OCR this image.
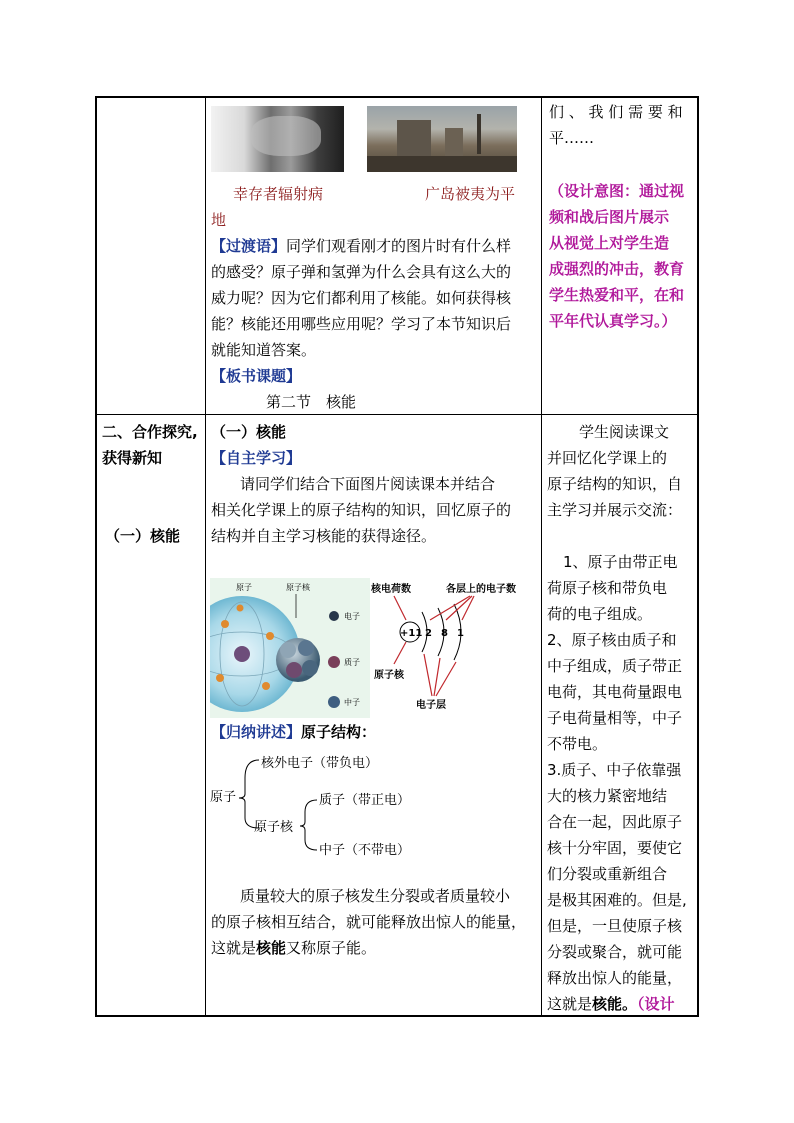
幸存者辐射病	广岛被夷为平
地
【过渡语】同学们观看刚才的图片时有什么样
的感受？原子弹和氢弹为什么会具有这么大的
威力呢？因为它们都利用了核能。如何获得核
能？核能还用哪些应用呢？学习了本节知识后
就能知道答案。
【板书课题】
第二节　核能
们 、 我 们 需 要 和
平……
（设计意图：通过视
频和战后图片展示
从视觉上对学生造
成强烈的冲击，教育
学生热爱和平，在和
平年代认真学习。）
二、合作探究,
获得新知
（一）核能
（一）核能
【自主学习】
请同学们结合下面图片阅读课本并结合
相关化学课上的原子结构的知识，回忆原子的
结构并自主学习核能的获得途径。
原子	原子核
电子
质子
中子
核电荷数	各层上的电子数
+11 2 8 1
原子核
电子层
【归纳讲述】原子结构：
原子
核外电子（带负电）
原子核
质子（带正电）
中子（不带电）
质量较大的原子核发生分裂或者质量较小
的原子核相互结合，就可能释放出惊人的能量，
这就是核能又称原子能。
学生阅读课文
并回忆化学课上的
原子结构的知识，自
主学习并展示交流：
1、原子由带正电
荷原子核和带负电
荷的电子组成。
2、原子核由质子和
中子组成，质子带正
电荷，其电荷量跟电
子电荷量相等，中子
不带电。
3.质子、中子依靠强
大的核力紧密地结
合在一起，因此原子
核十分牢固，要使它
们分裂或重新组合
是极其困难的。但是,
但是，一旦使原子核
分裂或聚合，就可能
释放出惊人的能量，
这就是核能。（设计
